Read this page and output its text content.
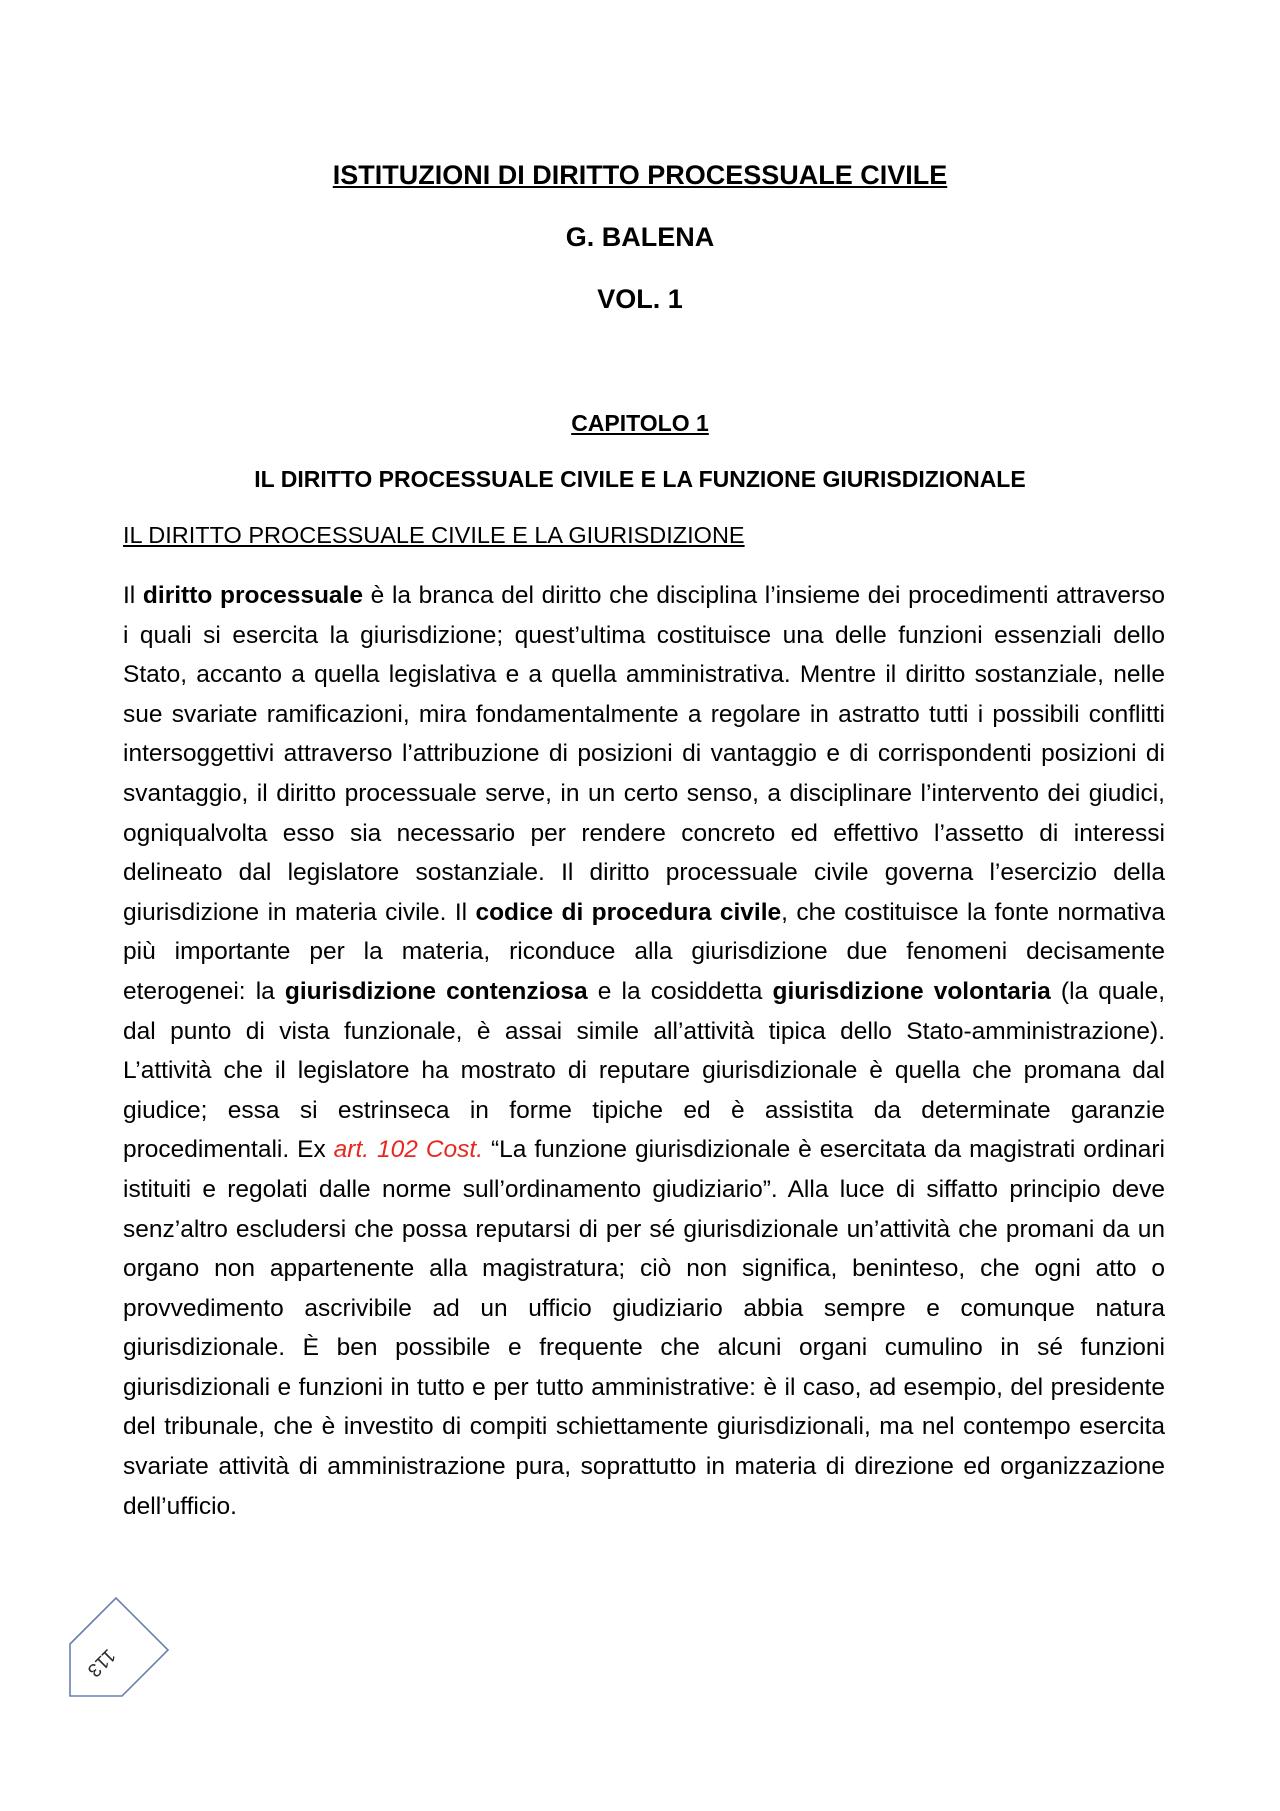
ISTITUZIONI DI DIRITTO PROCESSUALE CIVILE
G. BALENA
VOL. 1
CAPITOLO 1
IL DIRITTO PROCESSUALE CIVILE E LA FUNZIONE GIURISDIZIONALE
IL DIRITTO PROCESSUALE CIVILE E LA GIURISDIZIONE

Il diritto processuale è la branca del diritto che disciplina l’insieme dei procedimenti attraverso i quali si esercita la giurisdizione; quest’ultima costituisce una delle funzioni essenziali dello Stato, accanto a quella legislativa e a quella amministrativa. Mentre il diritto sostanziale, nelle sue svariate ramificazioni, mira fondamentalmente a regolare in astratto tutti i possibili conflitti intersoggettivi attraverso l’attribuzione di posizioni di vantaggio e di corrispondenti posizioni di svantaggio, il diritto processuale serve, in un certo senso, a disciplinare l’intervento dei giudici, ogniqualvolta esso sia necessario per rendere concreto ed effettivo l’assetto di interessi delineato dal legislatore sostanziale. Il diritto processuale civile governa l’esercizio della giurisdizione in materia civile. Il codice di procedura civile, che costituisce la fonte normativa più importante per la materia, riconduce alla giurisdizione due fenomeni decisamente eterogenei: la giurisdizione contenziosa e la cosiddetta giurisdizione volontaria (la quale, dal punto di vista funzionale, è assai simile all’attività tipica dello Stato-amministrazione). L’attività che il legislatore ha mostrato di reputare giurisdizionale è quella che promana dal giudice; essa si estrinseca in forme tipiche ed è assistita da determinate garanzie procedimentali. Ex art. 102 Cost. “La funzione giurisdizionale è esercitata da magistrati ordinari istituiti e regolati dalle norme sull’ordinamento giudiziario”. Alla luce di siffatto principio deve senz’altro escludersi che possa reputarsi di per sé giurisdizionale un’attività che promani da un organo non appartenente alla magistratura; ciò non significa, beninteso, che ogni atto o provvedimento ascrivibile ad un ufficio giudiziario abbia sempre e comunque natura giurisdizionale. È ben possibile e frequente che alcuni organi cumulino in sé funzioni giurisdizionali e funzioni in tutto e per tutto amministrative: è il caso, ad esempio, del presidente del tribunale, che è investito di compiti schiettamente giurisdizionali, ma nel contempo esercita svariate attività di amministrazione pura, soprattutto in materia di direzione ed organizzazione dell’ufficio.

113
